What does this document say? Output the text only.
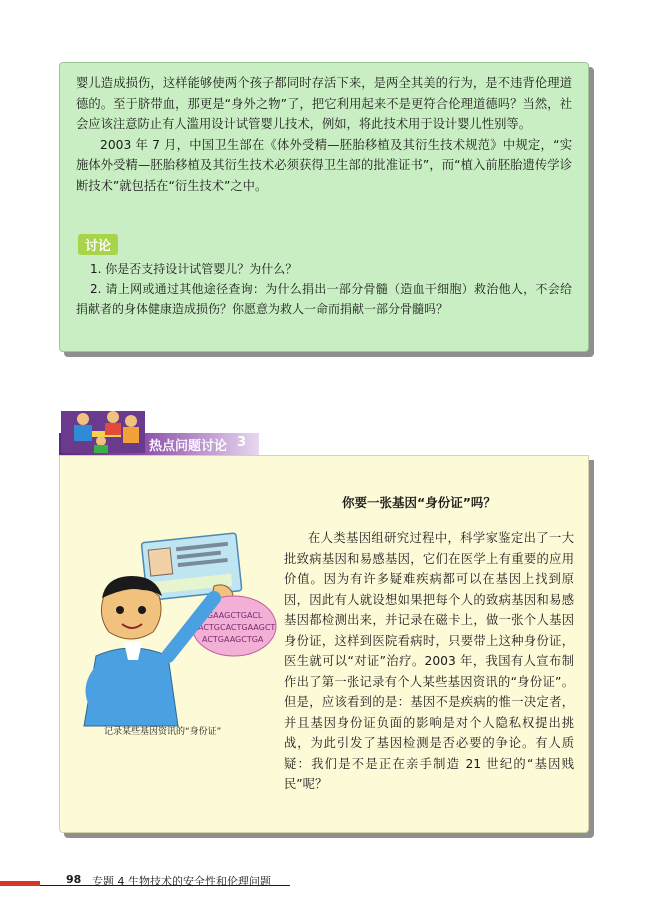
婴儿造成损伤，这样能够使两个孩子都同时存活下来，是两全其美的行为，是不违背伦理道德的。至于脐带血，那更是“身外之物”了，把它利用起来不是更符合伦理道德吗？当然，社会应该注意防止有人滥用设计试管婴儿技术，例如，将此技术用于设计婴儿性别等。

2003 年 7 月，中国卫生部在《体外受精—胚胎移植及其衍生技术规范》中规定，“实施体外受精—胚胎移植及其衍生技术必须获得卫生部的批准证书”，而“植入前胚胎遗传学诊断技术”就包括在“衍生技术”之中。

讨论
1. 你是否支持设计试管婴儿？为什么？
2. 请上网或通过其他途径查询：为什么捐出一部分骨髓（造血干细胞）救治他人，不会给捐献者的身体健康造成损伤？你愿意为救人一命而捐献一部分骨髓吗？
热点问题讨论 3
你要一张基因“身份证”吗？
TGAAGCTGACL
ACTGCACTGAAGCT
ACTGAAGCTGA
记录某些基因资讯的“身份证”

在人类基因组研究过程中，科学家鉴定出了一大批致病基因和易感基因，它们在医学上有重要的应用价值。因为有许多疑难疾病都可以在基因上找到原因，因此有人就设想如果把每个人的致病基因和易感基因都检测出来，并记录在磁卡上，做一张个人基因身份证，这样到医院看病时，只要带上这种身份证，医生就可以“对证”治疗。2003 年，我国有人宣布制作出了第一张记录有个人某些基因资讯的“身份证”。但是，应该看到的是：基因不是疾病的惟一决定者，并且基因身份证负面的影响是对个人隐私权提出挑战，为此引发了基因检测是否必要的争论。有人质疑：我们是不是正在亲手制造 21 世纪的“基因贱民”呢？

98 专题 4 生物技术的安全性和伦理问题
